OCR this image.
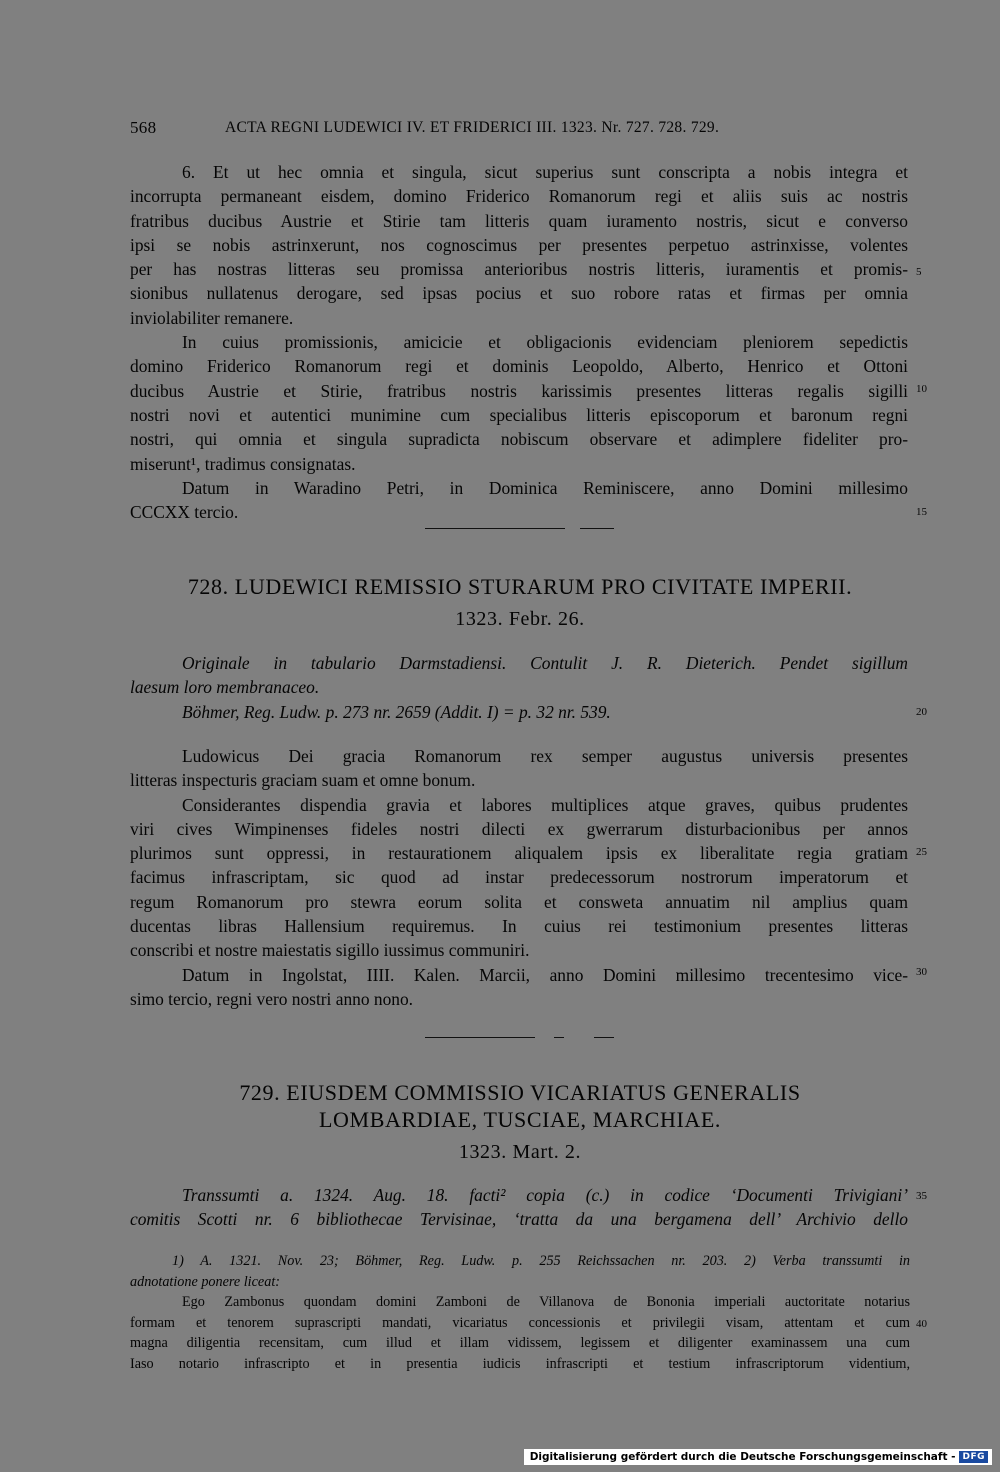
568	ACTA REGNI LUDEWICI IV. ET FRIDERICI III. 1323. Nr. 727. 728. 729.
6. Et ut hec omnia et singula, sicut superius sunt conscripta a nobis integra et
incorrupta permaneant eisdem, domino Friderico Romanorum regi et aliis suis ac nostris
fratribus ducibus Austrie et Stirie tam litteris quam iuramento nostris, sicut e converso
ipsi se nobis astrinxerunt, nos cognoscimus per presentes perpetuo astrinxisse, volentes
per has nostras litteras seu promissa anterioribus nostris litteris, iuramentis et promis-
sionibus nullatenus derogare, sed ipsas pocius et suo robore ratas et firmas per omnia
inviolabiliter remanere.
In cuius promissionis, amicicie et obligacionis evidenciam pleniorem sepedictis
domino Friderico Romanorum regi et dominis Leopoldo, Alberto, Henrico et Ottoni
ducibus Austrie et Stirie, fratribus nostris karissimis presentes litteras regalis sigilli
nostri novi et autentici munimine cum specialibus litteris episcoporum et baronum regni
nostri, qui omnia et singula supradicta nobiscum observare et adimplere fideliter pro-
miserunt¹, tradimus consignatas.
Datum in Waradino Petri, in Dominica Reminiscere, anno Domini millesimo
CCCXX tercio.
5
10
15
728. LUDEWICI REMISSIO STURARUM PRO CIVITATE IMPERII.
1323. Febr. 26.
Originale in tabulario Darmstadiensi. Contulit J. R. Dieterich. Pendet sigillum
laesum loro membranaceo.
Böhmer, Reg. Ludw. p. 273 nr. 2659 (Addit. I) = p. 32 nr. 539.	20
Ludowicus Dei gracia Romanorum rex semper augustus universis presentes
litteras inspecturis graciam suam et omne bonum.
Considerantes dispendia gravia et labores multiplices atque graves, quibus prudentes
viri cives Wimpinenses fideles nostri dilecti ex gwerrarum disturbacionibus per annos
plurimos sunt oppressi, in restaurationem aliqualem ipsis ex liberalitate regia gratiam
facimus infrascriptam, sic quod ad instar predecessorum nostrorum imperatorum et
regum Romanorum pro stewra eorum solita et consweta annuatim nil amplius quam
ducentas libras Hallensium requiremus. In cuius rei testimonium presentes litteras
conscribi et nostre maiestatis sigillo iussimus communiri.
Datum in Ingolstat, IIII. Kalen. Marcii, anno Domini millesimo trecentesimo vice-
simo tercio, regni vero nostri anno nono.
25
30
729. EIUSDEM COMMISSIO VICARIATUS GENERALIS
LOMBARDIAE, TUSCIAE, MARCHIAE.
1323. Mart. 2.
Transsumti a. 1324. Aug. 18. facti² copia (c.) in codice ‘Documenti Trivigiani’
comitis Scotti nr. 6 bibliothecae Tervisinae, ‘tratta da una bergamena dell’ Archivio dello
35
1) A. 1321. Nov. 23; Böhmer, Reg. Ludw. p. 255 Reichssachen nr. 203. 2) Verba transsumti in
adnotatione ponere liceat:
Ego Zambonus quondam domini Zamboni de Villanova de Bononia imperiali auctoritate notarius
formam et tenorem suprascripti mandati, vicariatus concessionis et privilegii visam, attentam et cum
magna diligentia recensitam, cum illud et illam vidissem, legissem et diligenter examinassem una cum
Iaso notario infrascripto et in presentia iudicis infrascripti et testium infrascriptorum videntium,
40
Digitalisierung gefördert durch die Deutsche Forschungsgemeinschaft - DFG
